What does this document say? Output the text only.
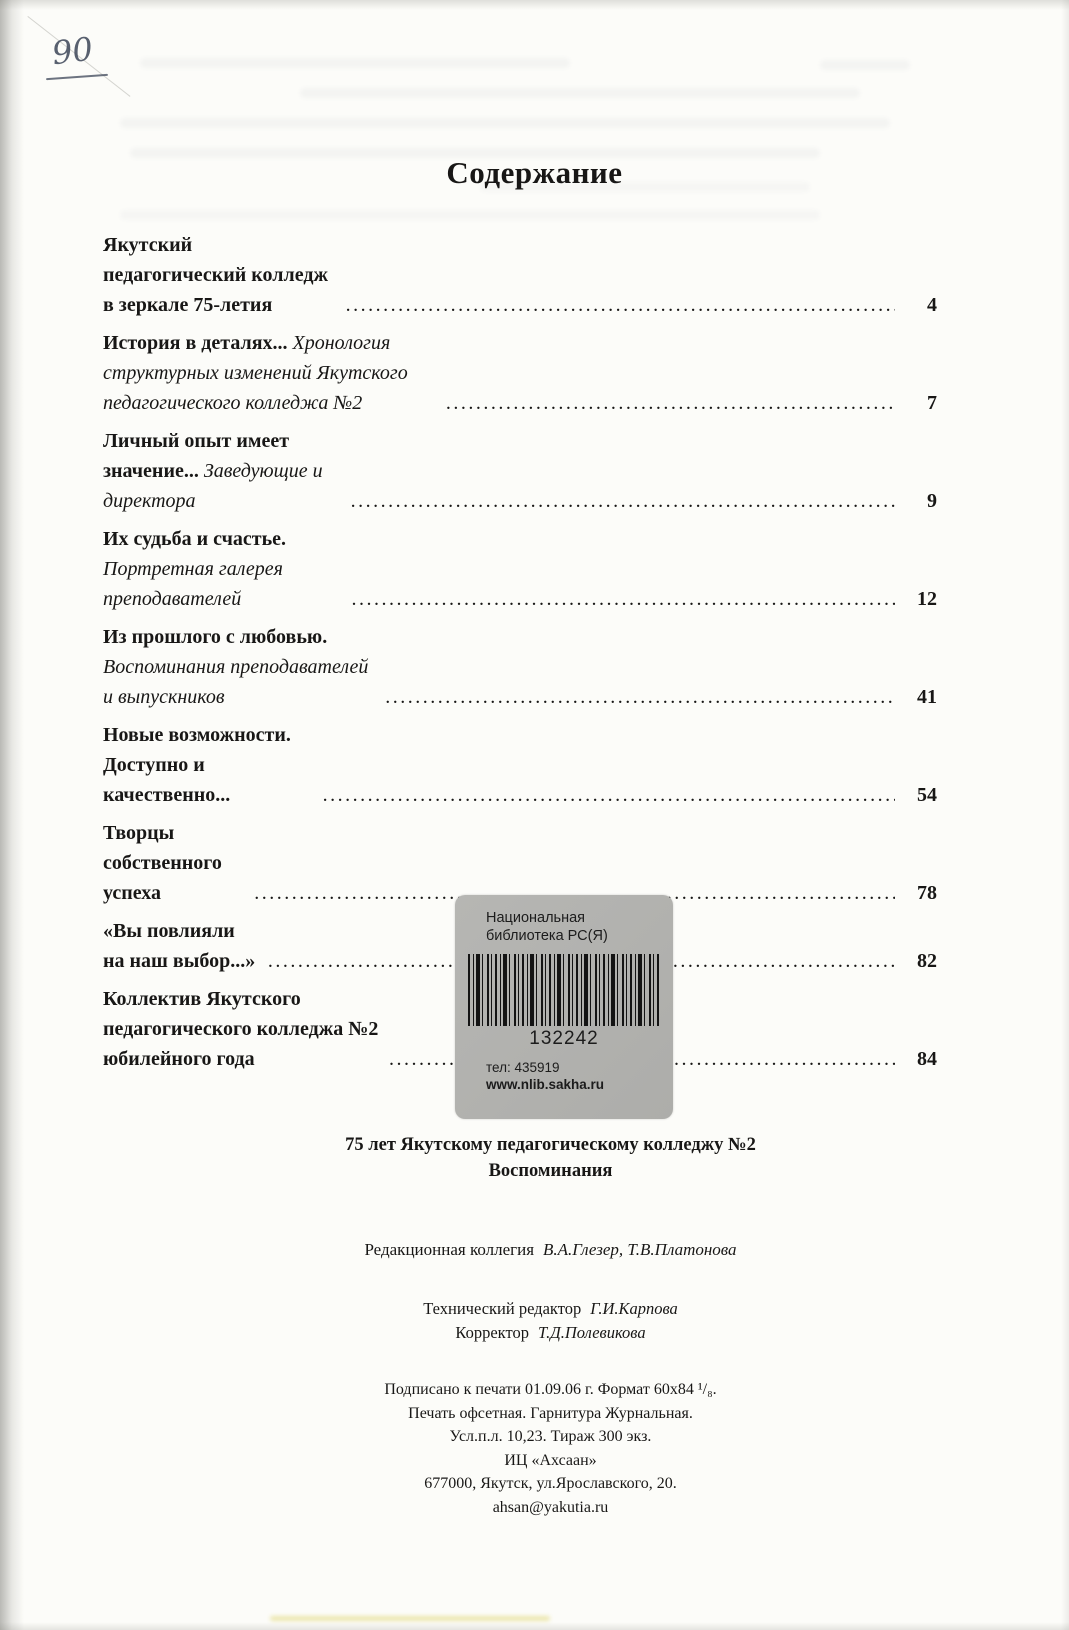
90
Содержание
Якутский педагогический колледж в зеркале 75-летия .....	4
История в деталях... Хронология структурных изменений Якутского педагогического колледжа №2 .....	7
Личный опыт имеет значение... Заведующие и директора .....	9
Их судьба и счастье. Портретная галерея преподавателей .....	12
Из прошлого с любовью. Воспоминания преподавателей и выпускников .....	41
Новые возможности. Доступно и качественно... .....	54
Творцы собственного успеха .....	78
«Вы повлияли на наш выбор...» .....	82
Коллектив Якутского педагогического колледжа №2 юбилейного года .....	84
Национальная
библиотека РС(Я)
132242
тел: 435919
www.nlib.sakha.ru
75 лет Якутскому педагогическому колледжу №2
Воспоминания
Редакционная коллегия В.А.Глезер, Т.В.Платонова
Технический редактор Г.И.Карпова
Корректор Т.Д.Полевикова
Подписано к печати 01.09.06 г. Формат 60х84 ¹/₈.
Печать офсетная. Гарнитура Журнальная.
Усл.п.л. 10,23. Тираж 300 экз.
ИЦ «Ахсаан»
677000, Якутск, ул.Ярославского, 20.
ahsan@yakutia.ru
